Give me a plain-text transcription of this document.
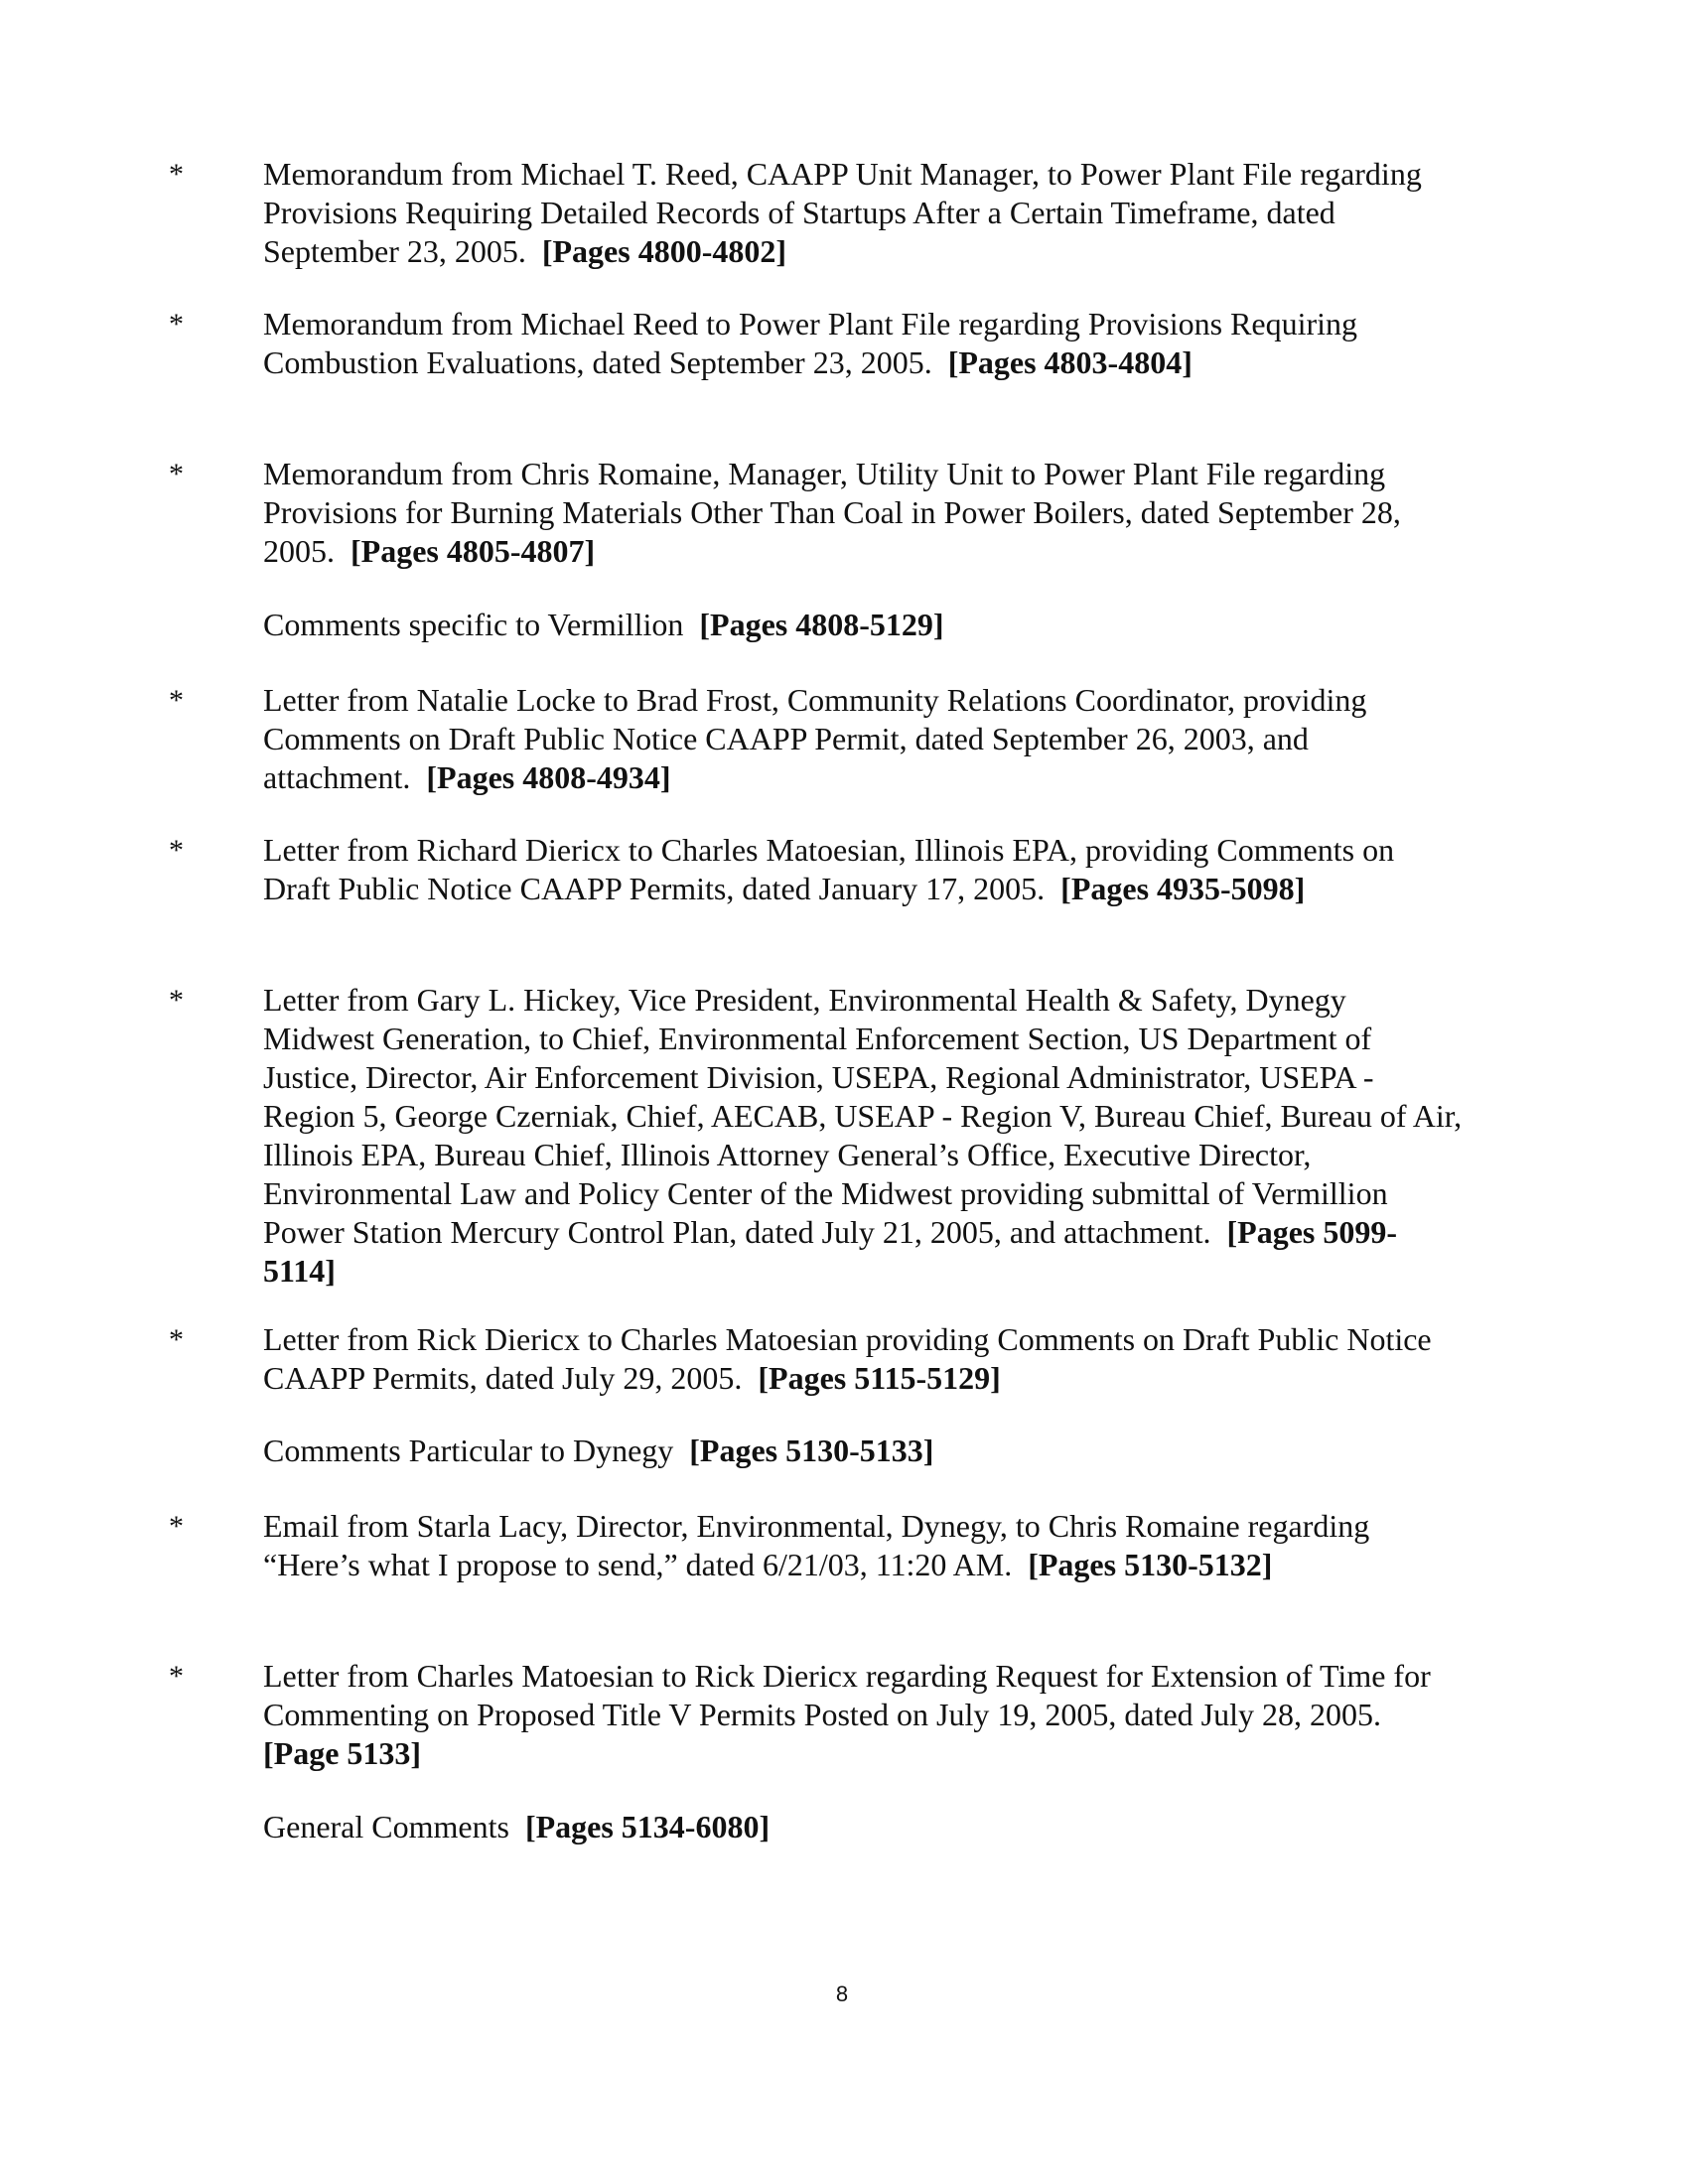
*	Memorandum from Michael T. Reed, CAAPP Unit Manager, to Power Plant File regarding Provisions Requiring Detailed Records of Startups After a Certain Timeframe, dated September 23, 2005. [Pages 4800-4802]
*	Memorandum from Michael Reed to Power Plant File regarding Provisions Requiring Combustion Evaluations, dated September 23, 2005. [Pages 4803-4804]
*	Memorandum from Chris Romaine, Manager, Utility Unit to Power Plant File regarding Provisions for Burning Materials Other Than Coal in Power Boilers, dated September 28, 2005. [Pages 4805-4807]
Comments specific to Vermillion [Pages 4808-5129]
*	Letter from Natalie Locke to Brad Frost, Community Relations Coordinator, providing Comments on Draft Public Notice CAAPP Permit, dated September 26, 2003, and attachment. [Pages 4808-4934]
*	Letter from Richard Diericx to Charles Matoesian, Illinois EPA, providing Comments on Draft Public Notice CAAPP Permits, dated January 17, 2005. [Pages 4935-5098]
*	Letter from Gary L. Hickey, Vice President, Environmental Health & Safety, Dynegy Midwest Generation, to Chief, Environmental Enforcement Section, US Department of Justice, Director, Air Enforcement Division, USEPA, Regional Administrator, USEPA - Region 5, George Czerniak, Chief, AECAB, USEAP - Region V, Bureau Chief, Bureau of Air, Illinois EPA, Bureau Chief, Illinois Attorney General’s Office, Executive Director, Environmental Law and Policy Center of the Midwest providing submittal of Vermillion Power Station Mercury Control Plan, dated July 21, 2005, and attachment. [Pages 5099-5114]
*	Letter from Rick Diericx to Charles Matoesian providing Comments on Draft Public Notice CAAPP Permits, dated July 29, 2005. [Pages 5115-5129]
Comments Particular to Dynegy [Pages 5130-5133]
*	Email from Starla Lacy, Director, Environmental, Dynegy, to Chris Romaine regarding “Here’s what I propose to send,” dated 6/21/03, 11:20 AM. [Pages 5130-5132]
*	Letter from Charles Matoesian to Rick Diericx regarding Request for Extension of Time for Commenting on Proposed Title V Permits Posted on July 19, 2005, dated July 28, 2005.  [Page 5133]
General Comments [Pages 5134-6080]
8
